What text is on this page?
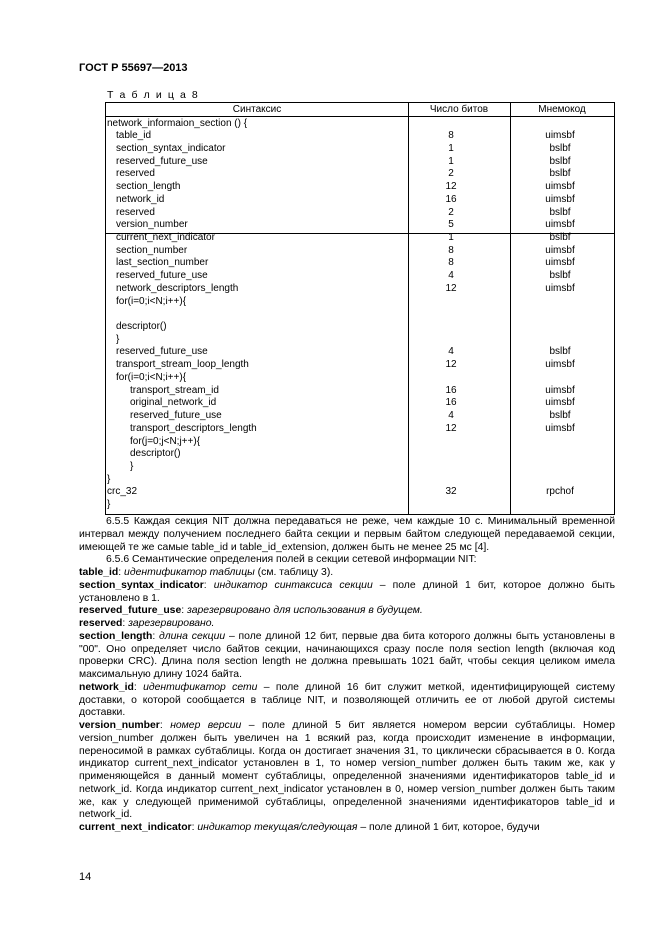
ГОСТ Р 55697—2013
Т а б л и ц а 8
Синтаксис	Число битов	Мнемокод
network_informaion_section () {
table_id	8	uimsbf
section_syntax_indicator	1	bslbf
reserved_future_use	1	bslbf
reserved	2	bslbf
section_length	12	uimsbf
network_id	16	uimsbf
reserved	2	bslbf
version_number	5	uimsbf
current_next_indicator	1	bslbf
section_number	8	uimsbf
last_section_number	8	uimsbf
reserved_future_use	4	bslbf
network_descriptors_length	12	uimsbf
for(i=0;i<N;i++){
descriptor()
}
reserved_future_use	4	bslbf
transport_stream_loop_length	12	uimsbf
for(i=0;i<N;i++){
transport_stream_id	16	uimsbf
original_network_id	16	uimsbf
reserved_future_use	4	bslbf
transport_descriptors_length	12	uimsbf
for(j=0;j<N;j++){
descriptor()
}
}
crc_32	32	rpchof
}

6.5.5 Каждая секция NIT должна передаваться не реже, чем каждые 10 с. Минимальный временной интервал между получением последнего байта секции и первым байтом следующей передаваемой секции, имеющей те же самые table_id и table_id_extension, должен быть не менее 25 мс [4].

6.5.6 Семантические определения полей в секции сетевой информации NIT:

table_id: идентификатор таблицы (см. таблицу 3).

section_syntax_indicator: индикатор синтаксиса секции – поле длиной 1 бит, которое должно быть установлено в 1.

reserved_future_use: зарезервировано для использования в будущем.

reserved: зарезервировано.

section_length: длина секции – поле длиной 12 бит, первые два бита которого должны быть установлены в "00". Оно определяет число байтов секции, начинающихся сразу после поля section length (включая код проверки CRC). Длина поля section length не должна превышать 1021 байт, чтобы секция целиком имела максимальную длину 1024 байта.

network_id: идентификатор сети – поле длиной 16 бит служит меткой, идентифицирующей систему доставки, о которой сообщается в таблице NIT, и позволяющей отличить ее от любой другой системы доставки.

version_number: номер версии – поле длиной 5 бит является номером версии субтаблицы. Номер version_number должен быть увеличен на 1 всякий раз, когда происходит изменение в информации, переносимой в рамках субтаблицы. Когда он достигает значения 31, то циклически сбрасывается в 0. Когда индикатор current_next_indicator установлен в 1, то номер version_number должен быть таким же, как у применяющейся в данный момент субтаблицы, определенной значениями идентификаторов table_id и network_id. Когда индикатор current_next_indicator установлен в 0, номер version_number должен быть таким же, как у следующей применимой субтаблицы, определенной значениями идентификаторов table_id и network_id.

current_next_indicator: индикатор текущая/следующая – поле длиной 1 бит, которое, будучи

14
